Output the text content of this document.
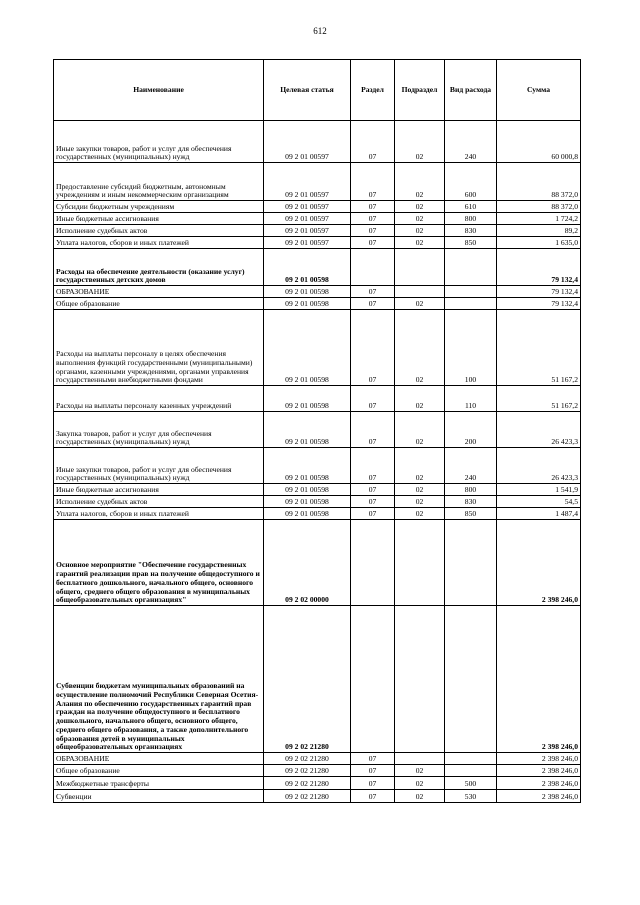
612
Наименование	Целевая статья	Раздел	Подраздел	Вид расхода	Сумма
Иные закупки товаров, работ и услуг для обеспечения государственных (муниципальных) нужд	09 2 01 00597	07	02	240	60 000,8
Предоставление субсидий бюджетным, автономным учреждениям и иным некоммерческим организациям	09 2 01 00597	07	02	600	88 372,0
Субсидии бюджетным учреждениям	09 2 01 00597	07	02	610	88 372,0
Иные бюджетные ассигнования	09 2 01 00597	07	02	800	1 724,2
Исполнение судебных актов	09 2 01 00597	07	02	830	89,2
Уплата налогов, сборов и иных платежей	09 2 01 00597	07	02	850	1 635,0
Расходы на обеспечение деятельности (оказание услуг) государственных детских домов	09 2 01 00598				79 132,4
ОБРАЗОВАНИЕ	09 2 01 00598	07			79 132,4
Общее образование	09 2 01 00598	07	02		79 132,4
Расходы на выплаты персоналу в целях обеспечения выполнения функций государственными (муниципальными) органами, казенными учреждениями, органами управления государственными внебюджетными фондами	09 2 01 00598	07	02	100	51 167,2
Расходы на выплаты персоналу казенных учреждений	09 2 01 00598	07	02	110	51 167,2
Закупка товаров, работ и услуг для обеспечения государственных (муниципальных) нужд	09 2 01 00598	07	02	200	26 423,3
Иные закупки товаров, работ и услуг для обеспечения государственных (муниципальных) нужд	09 2 01 00598	07	02	240	26 423,3
Иные бюджетные ассигнования	09 2 01 00598	07	02	800	1 541,9
Исполнение судебных актов	09 2 01 00598	07	02	830	54,5
Уплата налогов, сборов и иных платежей	09 2 01 00598	07	02	850	1 487,4
Основное мероприятие "Обеспечение государственных гарантий реализации прав на получение общедоступного и бесплатного дошкольного, начального общего, основного общего, среднего общего образования в муниципальных общеобразовательных организациях"	09 2 02 00000				2 398 246,0
Субвенции бюджетам муниципальных образований на осуществление полномочий Республики Северная Осетия-Алания по обеспечению государственных гарантий прав граждан на получение общедоступного и бесплатного дошкольного, начального общего, основного общего, среднего общего образования, а также дополнительного образования детей в муниципальных общеобразовательных организациях	09 2 02 21280				2 398 246,0
ОБРАЗОВАНИЕ	09 2 02 21280	07			2 398 246,0
Общее образование	09 2 02 21280	07	02		2 398 246,0
Межбюджетные трансферты	09 2 02 21280	07	02	500	2 398 246,0
Субвенции	09 2 02 21280	07	02	530	2 398 246,0
